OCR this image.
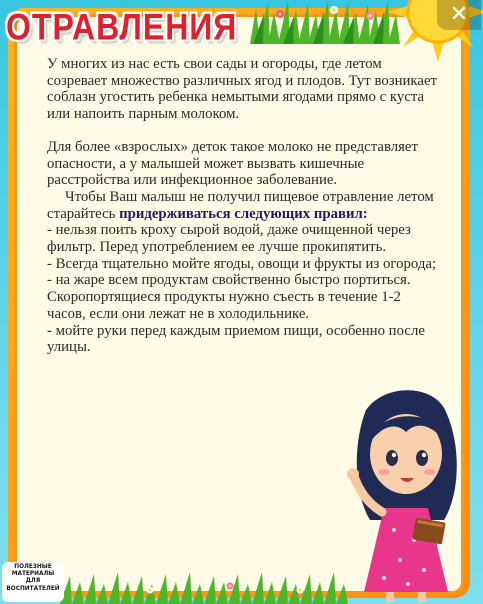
✕
ОТРАВЛЕНИЯ

У многих из нас есть свои сады и огороды, где летом созревает множество различных ягод и плодов. Тут возникает соблазн угостить ребенка немытыми ягодами прямо с куста или напоить парным молоком.

Для более «взрослых» деток такое молоко не представляет опасности, а у малышей может вызвать кишечные расстройства или инфекционное заболевание.

Чтобы Ваш малыш не получил пищевое отравление летом старайтесь придерживаться следующих правил:

- нельзя поить кроху сырой водой, даже очищенной через фильтр. Перед употреблением ее лучше прокипятить.

- Всегда тщательно мойте ягоды, овощи и фрукты из огорода;

- на жаре всем продуктам свойственно быстро портиться. Скоропортящиеся продукты нужно съесть в течение 1-2 часов, если они лежат не в холодильнике.

- мойте руки перед каждым приемом пищи, особенно после улицы.

ПОЛЕЗНЫЕ
МАТЕРИАЛЫ
ДЛЯ
ВОСПИТАТЕЛЕЙ
